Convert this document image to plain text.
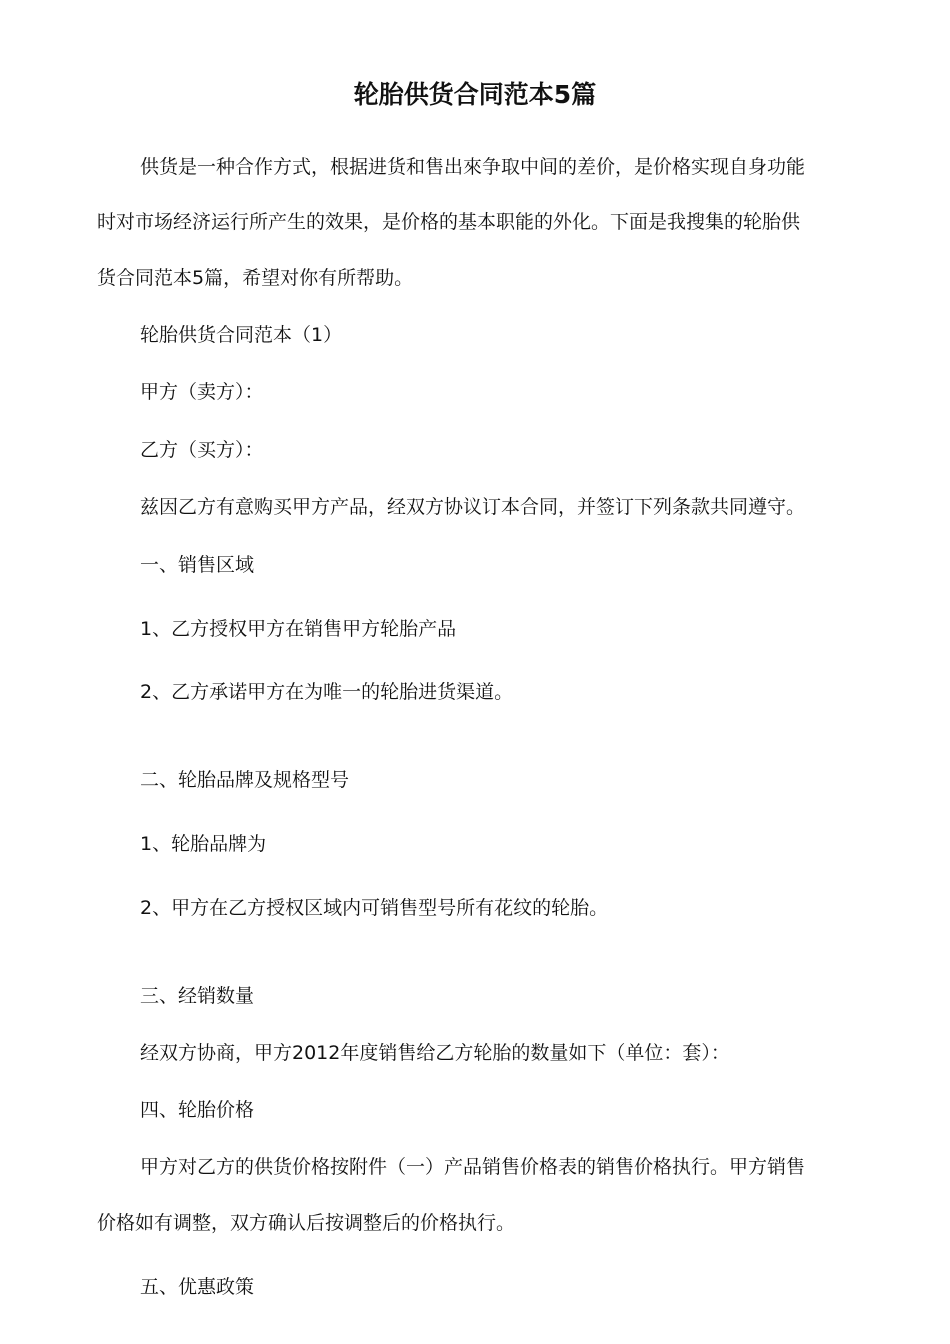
轮胎供货合同范本5篇
供货是一种合作方式，根据进货和售出來争取中间的差价，是价格实现自身功能
时对市场经济运行所产生的效果，是价格的基本职能的外化。下面是我搜集的轮胎供
货合同范本5篇，希望对你有所帮助。
轮胎供货合同范本（1）
甲方（卖方）：
乙方（买方）：
兹因乙方有意购买甲方产品，经双方协议订本合同，并签订下列条款共同遵守。
一、销售区域
1、乙方授权甲方在销售甲方轮胎产品
2、乙方承诺甲方在为唯一的轮胎进货渠道。
二、轮胎品牌及规格型号
1、轮胎品牌为
2、甲方在乙方授权区域内可销售型号所有花纹的轮胎。
三、经销数量
经双方协商，甲方2012年度销售给乙方轮胎的数量如下（单位：套）：
四、轮胎价格
甲方对乙方的供货价格按附件（一）产品销售价格表的销售价格执行。甲方销售
价格如有调整，双方确认后按调整后的价格执行。
五、优惠政策
